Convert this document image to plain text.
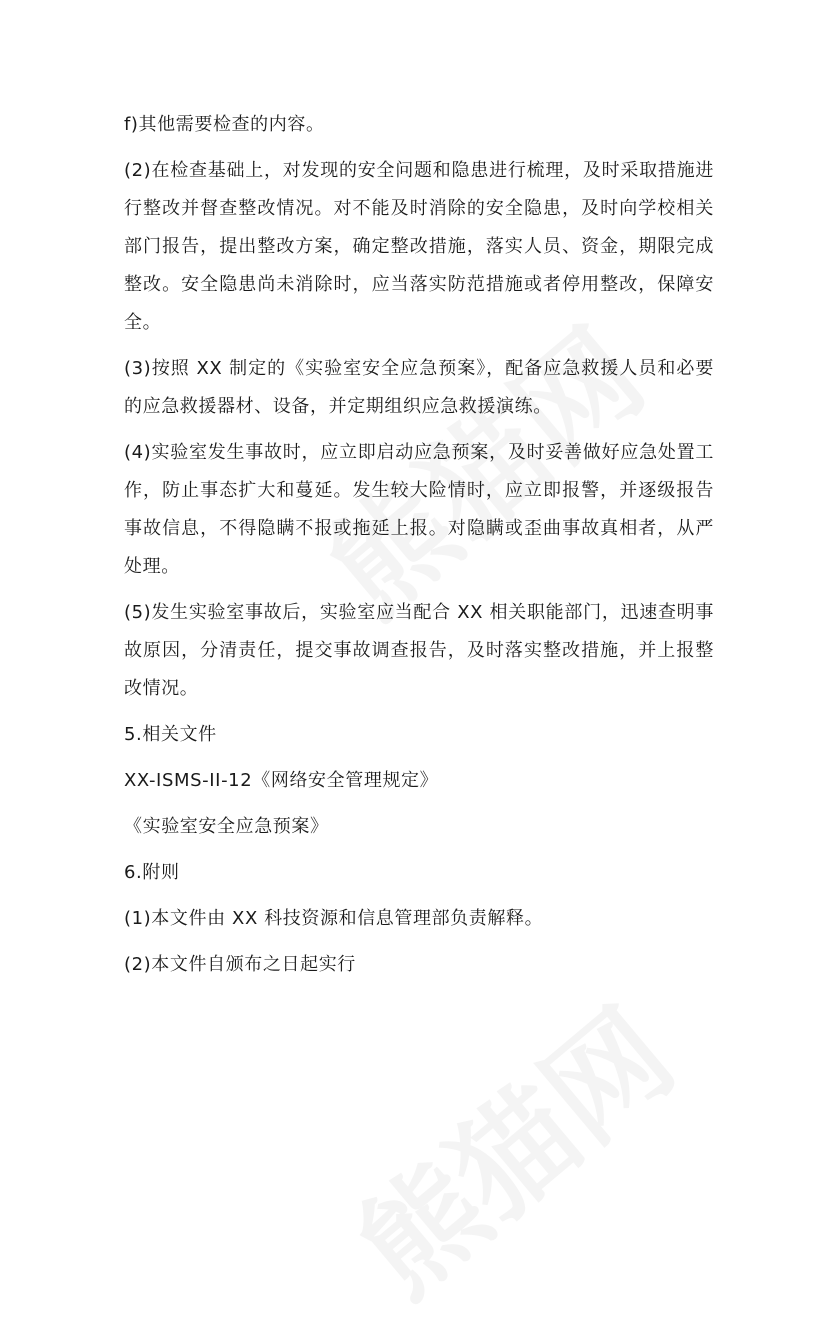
f)其他需要检查的内容。

(2)在检查基础上，对发现的安全问题和隐患进行梳理，及时采取措施进行整改并督查整改情况。对不能及时消除的安全隐患，及时向学校相关部门报告，提出整改方案，确定整改措施，落实人员、资金，期限完成整改。安全隐患尚未消除时，应当落实防范措施或者停用整改，保障安全。

(3)按照 XX 制定的《实验室安全应急预案》，配备应急救援人员和必要的应急救援器材、设备，并定期组织应急救援演练。

(4)实验室发生事故时，应立即启动应急预案，及时妥善做好应急处置工作，防止事态扩大和蔓延。发生较大险情时，应立即报警，并逐级报告事故信息，不得隐瞒不报或拖延上报。对隐瞒或歪曲事故真相者，从严处理。

(5)发生实验室事故后，实验室应当配合 XX 相关职能部门，迅速查明事故原因，分清责任，提交事故调查报告，及时落实整改措施，并上报整改情况。

5.相关文件

XX-ISMS-II-12《网络安全管理规定》

《实验室安全应急预案》

6.附则

(1)本文件由 XX 科技资源和信息管理部负责解释。

(2)本文件自颁布之日起实行
